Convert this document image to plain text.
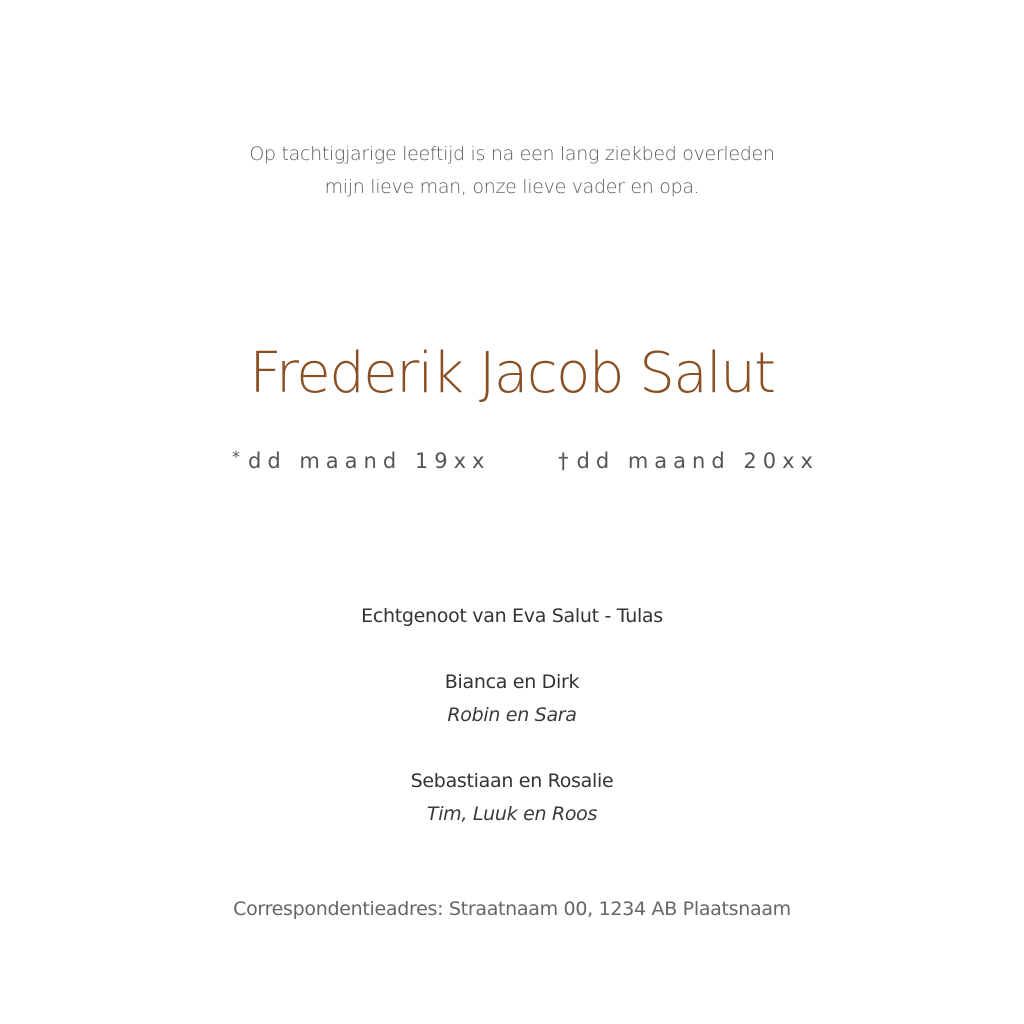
Op tachtigjarige leeftijd is na een lang ziekbed overleden
mijn lieve man, onze lieve vader en opa.
Frederik Jacob Salut
* dd maand 19xx	† dd maand 20xx
Echtgenoot van Eva Salut - Tulas
Bianca en Dirk
Robin en Sara
Sebastiaan en Rosalie
Tim, Luuk en Roos
Correspondentieadres: Straatnaam 00, 1234 AB Plaatsnaam
